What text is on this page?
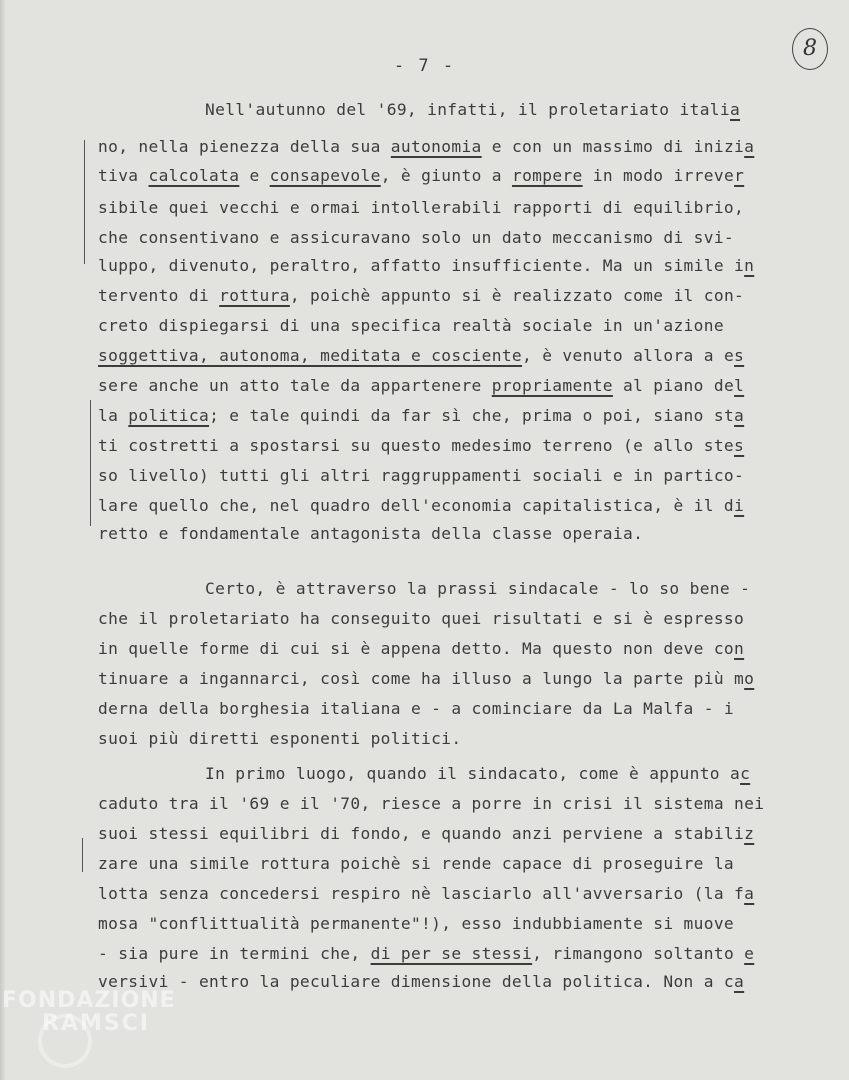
- 7 -
8
Nell'autunno del '69, infatti, il proletariato italia
no, nella pienezza della sua autonomia e con un massimo di inizia
tiva calcolata e consapevole, è giunto a rompere in modo irrever
sibile quei vecchi e ormai intollerabili rapporti di equilibrio,
che consentivano e assicuravano solo un dato meccanismo di svi-
luppo, divenuto, peraltro, affatto insufficiente. Ma un simile in
tervento di rottura, poichè appunto si è realizzato come il con-
creto dispiegarsi di una specifica realtà sociale in un'azione
soggettiva, autonoma, meditata e cosciente, è venuto allora a es
sere anche un atto tale da appartenere propriamente al piano del
la politica; e tale quindi da far sì che, prima o poi, siano sta
ti costretti a spostarsi su questo medesimo terreno (e allo stes
so livello) tutti gli altri raggruppamenti sociali e in partico-
lare quello che, nel quadro dell'economia capitalistica, è il di
retto e fondamentale antagonista della classe operaia.
Certo, è attraverso la prassi sindacale - lo so bene -
che il proletariato ha conseguito quei risultati e si è espresso
in quelle forme di cui si è appena detto. Ma questo non deve con
tinuare a ingannarci, così come ha illuso a lungo la parte più mo
derna della borghesia italiana e - a cominciare da La Malfa - i
suoi più diretti esponenti politici.
In primo luogo, quando il sindacato, come è appunto ac
caduto tra il '69 e il '70, riesce a porre in crisi il sistema nei
suoi stessi equilibri di fondo, e quando anzi perviene a stabiliz
zare una simile rottura poichè si rende capace di proseguire la
lotta senza concedersi respiro nè lasciarlo all'avversario (la fa
mosa "conflittualità permanente"!), esso indubbiamente si muove
- sia pure in termini che, di per se stessi, rimangono soltanto e
versivi - entro la peculiare dimensione della politica. Non a ca
FONDAZIONE
RAMSCI
